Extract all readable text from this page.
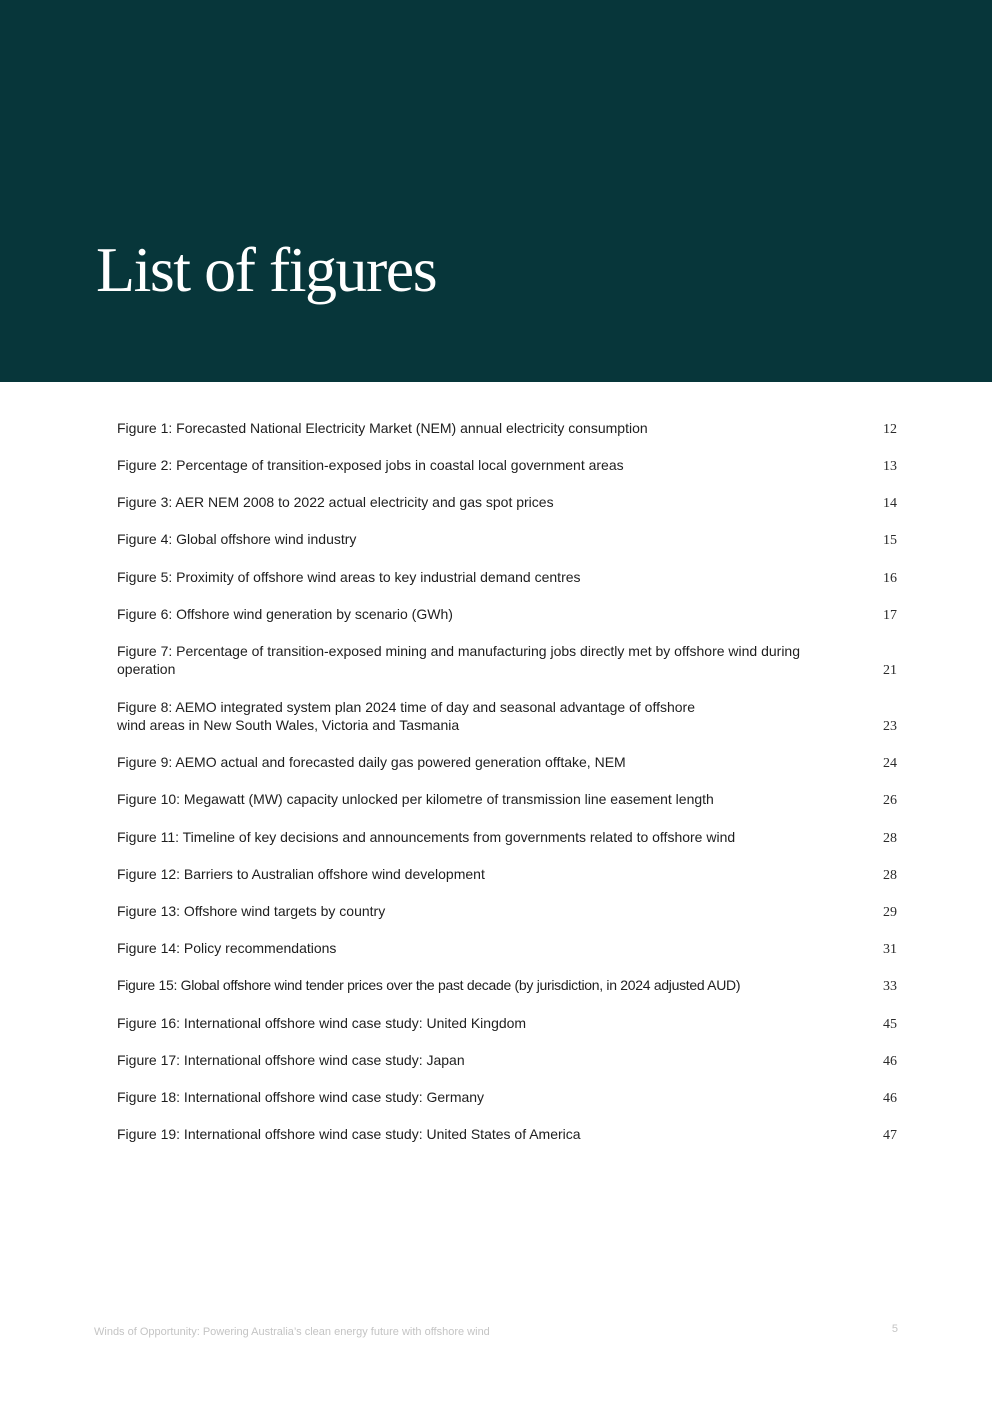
List of figures
Figure 1: Forecasted National Electricity Market (NEM) annual electricity consumption	12
Figure 2: Percentage of transition-exposed jobs in coastal local government areas	13
Figure 3: AER NEM 2008 to 2022 actual electricity and gas spot prices	14
Figure 4: Global offshore wind industry	15
Figure 5: Proximity of offshore wind areas to key industrial demand centres	16
Figure 6: Offshore wind generation by scenario (GWh)	17
Figure 7: Percentage of transition-exposed mining and manufacturing jobs directly met by offshore wind during operation	21
Figure 8: AEMO integrated system plan 2024 time of day and seasonal advantage of offshore wind areas in New South Wales, Victoria and Tasmania	23
Figure 9: AEMO actual and forecasted daily gas powered generation offtake, NEM	24
Figure 10: Megawatt (MW) capacity unlocked per kilometre of transmission line easement length	26
Figure 11: Timeline of key decisions and announcements from governments related to offshore wind	28
Figure 12: Barriers to Australian offshore wind development	28
Figure 13: Offshore wind targets by country	29
Figure 14: Policy recommendations	31
Figure 15: Global offshore wind tender prices over the past decade (by jurisdiction, in 2024 adjusted AUD)	33
Figure 16: International offshore wind case study: United Kingdom	45
Figure 17: International offshore wind case study: Japan	46
Figure 18: International offshore wind case study: Germany	46
Figure 19: International offshore wind case study: United States of America	47
Winds of Opportunity: Powering Australia’s clean energy future with offshore wind	5
